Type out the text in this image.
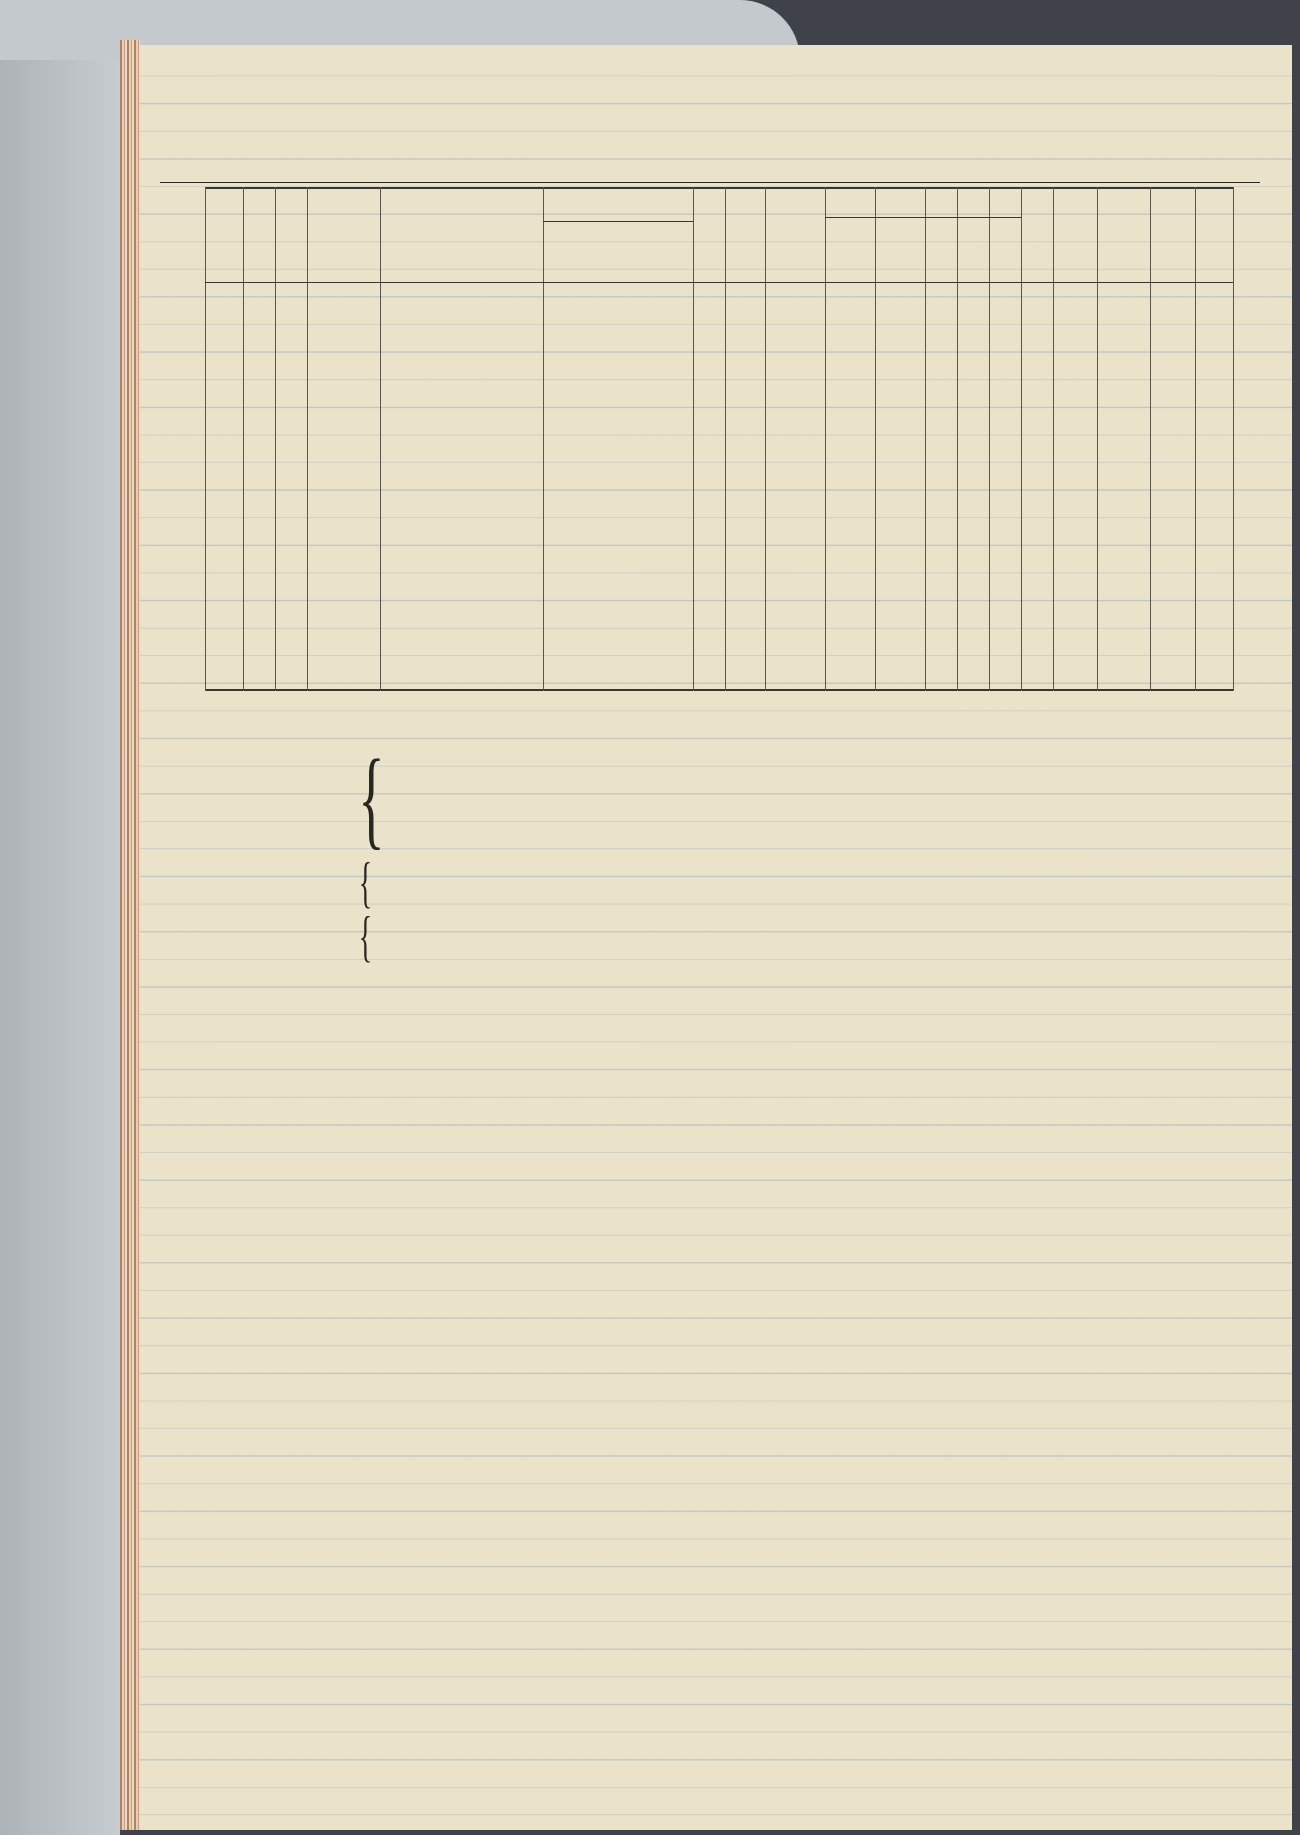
{
{
{
